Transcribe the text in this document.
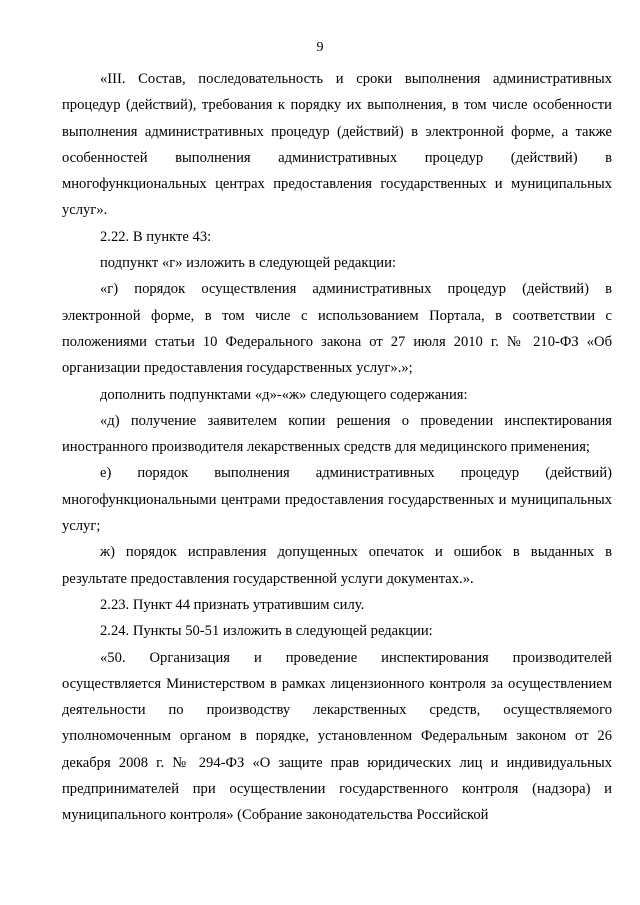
9

«III. Состав, последовательность и сроки выполнения административных процедур (действий), требования к порядку их выполнения, в том числе особенности выполнения административных процедур (действий) в электронной форме, а также особенностей выполнения административных процедур (действий) в многофункциональных центрах предоставления государственных и муниципальных услуг».

2.22. В пункте 43:

подпункт «г» изложить в следующей редакции:

«г) порядок осуществления административных процедур (действий) в электронной форме, в том числе с использованием Портала, в соответствии с положениями статьи 10 Федерального закона от 27 июля 2010 г. № 210-ФЗ «Об организации предоставления государственных услуг».»;

дополнить подпунктами «д»-«ж» следующего содержания:

«д) получение заявителем копии решения о проведении инспектирования иностранного производителя лекарственных средств для медицинского применения;

е) порядок выполнения административных процедур (действий) многофункциональными центрами предоставления государственных и муниципальных услуг;

ж) порядок исправления допущенных опечаток и ошибок в выданных в результате предоставления государственной услуги документах.».

2.23. Пункт 44 признать утратившим силу.

2.24. Пункты 50-51 изложить в следующей редакции:

«50. Организация и проведение инспектирования производителей осуществляется Министерством в рамках лицензионного контроля за осуществлением деятельности по производству лекарственных средств, осуществляемого уполномоченным органом в порядке, установленном Федеральным законом от 26 декабря 2008 г. № 294-ФЗ «О защите прав юридических лиц и индивидуальных предпринимателей при осуществлении государственного контроля (надзора) и муниципального контроля» (Собрание законодательства Российской
